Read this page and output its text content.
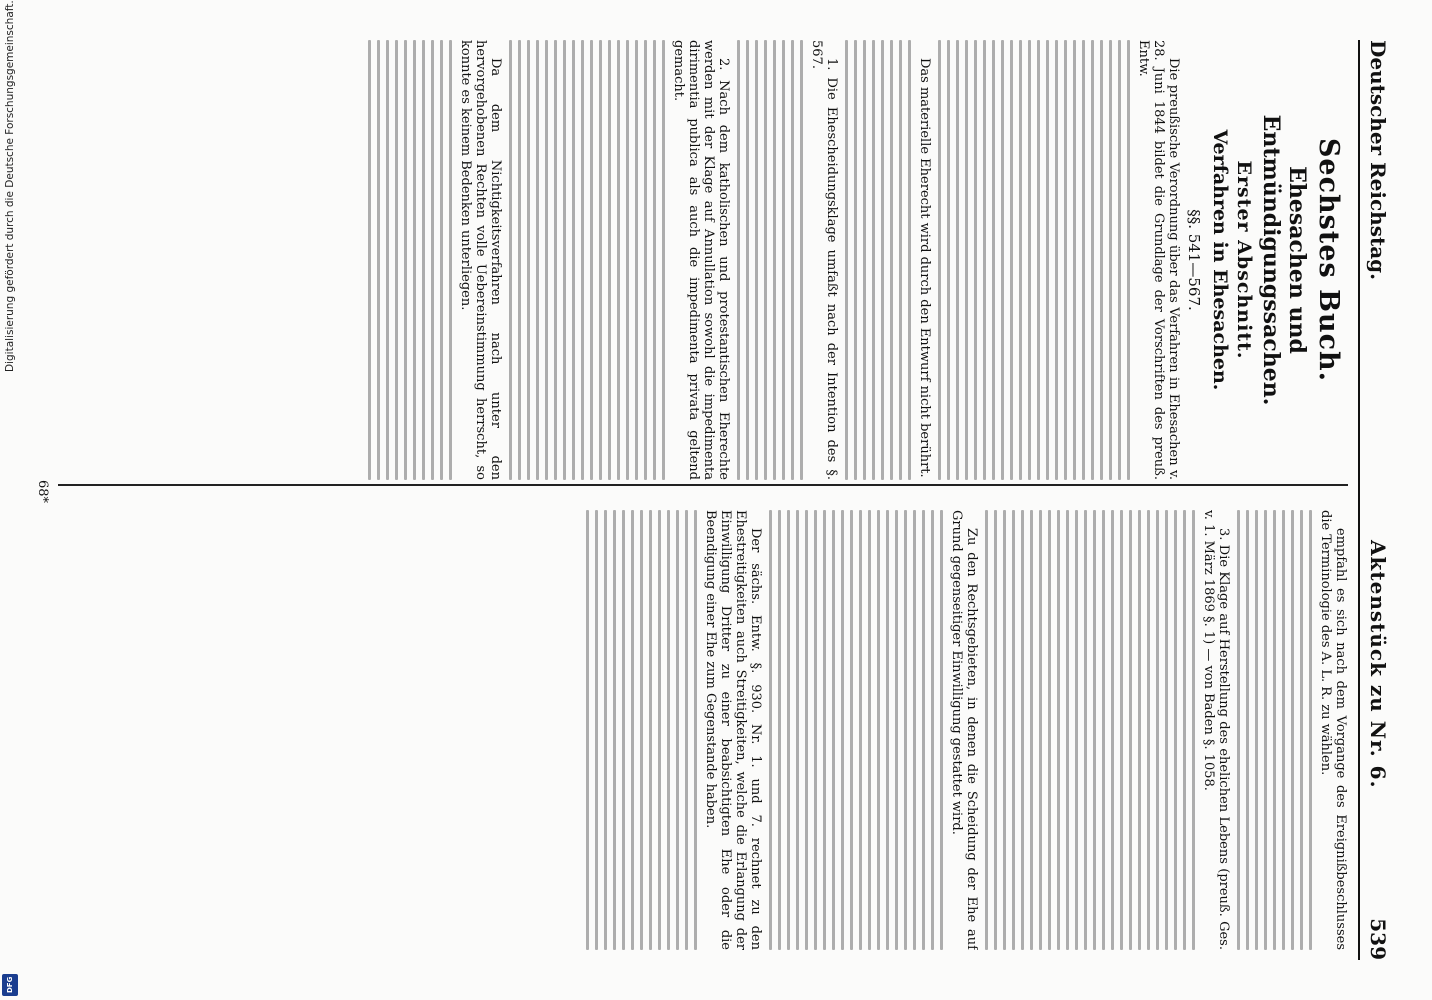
Deutscher Reichstag.
Aktenstück zu Nr. 6.
539
Sechstes Buch.
Ehesachen und Entmündigungssachen.
Erster Abschnitt.
Verfahren in Ehesachen.
§§. 541—567.
Die preußische Verordnung über das Verfahren in Ehesachen v. 28. Juni 1844 bildet die Grundlage der Vorschriften des preuß. Entw.
Das materielle Eherecht wird durch den Entwurf nicht berührt.
1. Die Ehescheidungsklage umfaßt nach der Intention des §. 567.
2. Nach dem katholischen und protestantischen Eherechte werden mit der Klage auf Annullation sowohl die impedimenta dirimentia publica als auch die impedimenta privata geltend gemacht.
Da dem Nichtigkeitsverfahren nach unter den hervorgehobenen Rechten volle Uebereinstimmung herrscht, so konnte es keinem Bedenken unterliegen.
empfahl es sich nach dem Vorgange des Ereignißbeschlusses die Terminologie des A. L. R. zu wählen.
3. Die Klage auf Herstellung des ehelichen Lebens (preuß. Ges. v. 1. März 1869 §. 1) — von Baden §. 1058.
Zu den Rechtsgebieten, in denen die Scheidung der Ehe auf Grund gegenseitiger Einwilligung gestattet wird.
Der sächs. Entw. §. 930. Nr. 1. und 7. rechnet zu den Ehestreitigkeiten auch Streitigkeiten, welche die Erlangung der Einwilligung Dritter zu einer beabsichtigten Ehe oder die Beendigung einer Ehe zum Gegenstande haben.
68*
Digitalisierung gefördert durch die Deutsche Forschungsgemeinschaft.
DFG
